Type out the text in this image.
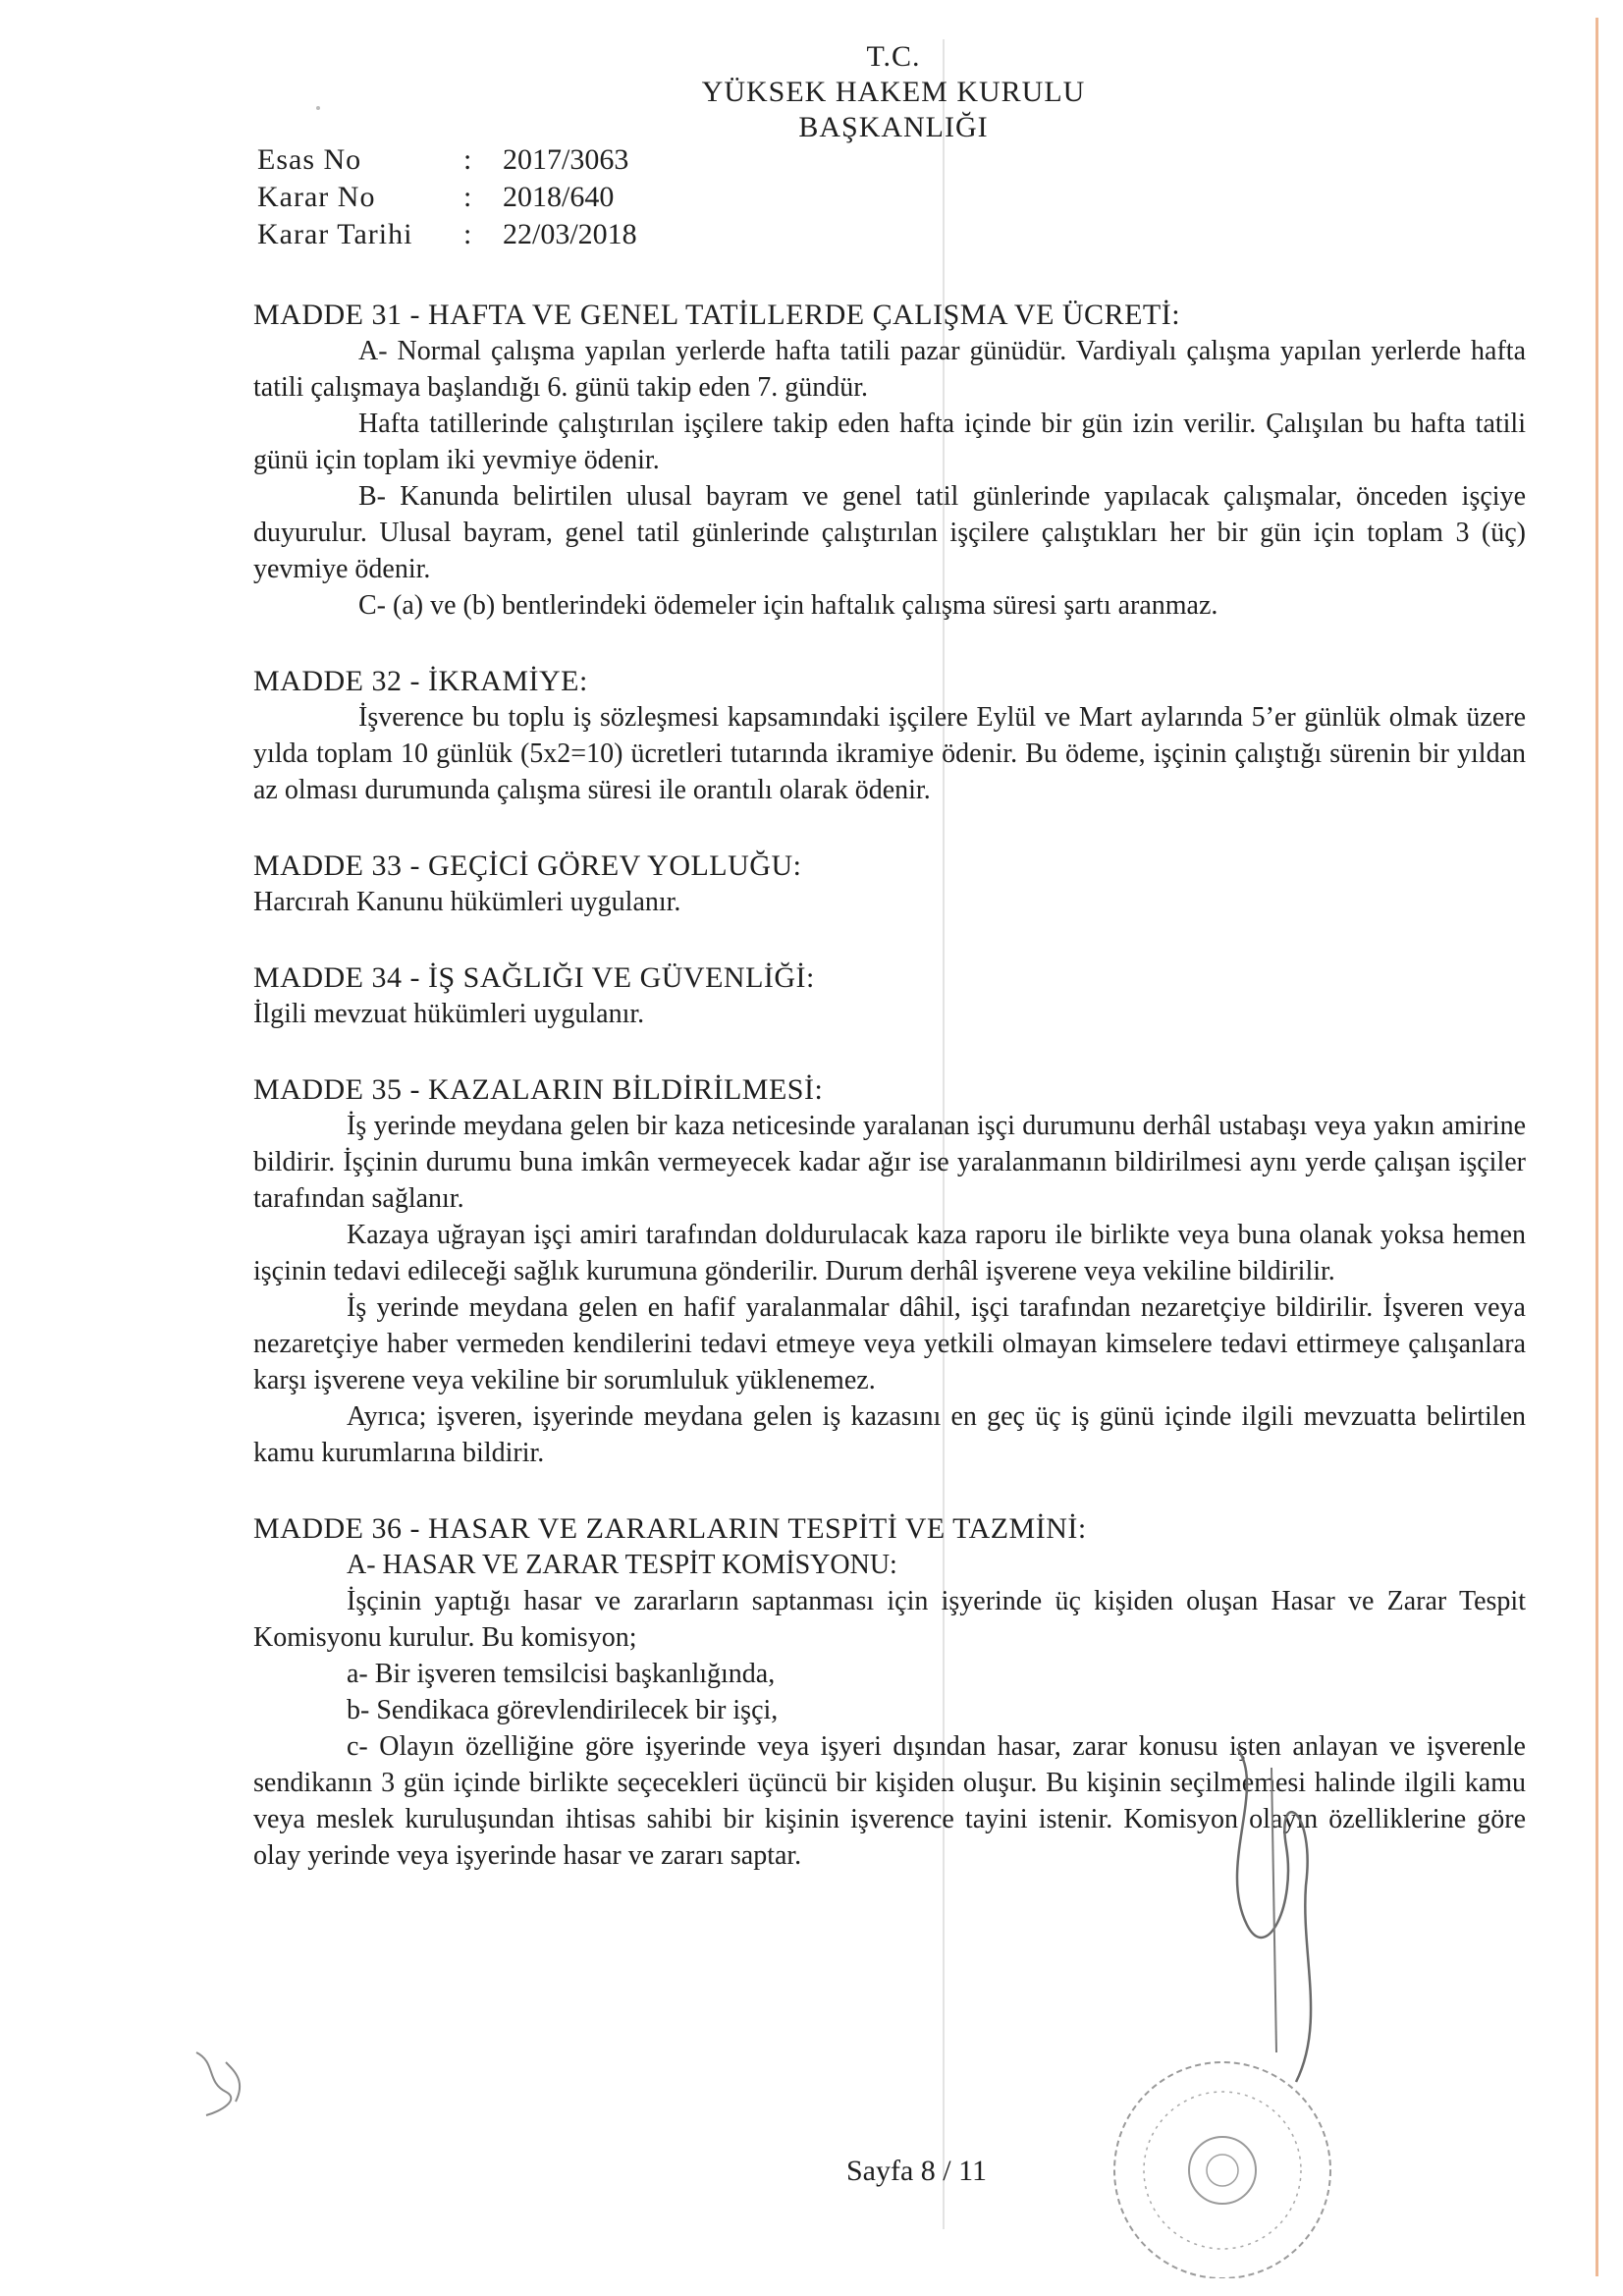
T.C.
YÜKSEK HAKEM KURULU
BAŞKANLIĞI
Esas No	:	2017/3063
Karar No	:	2018/640
Karar Tarihi	:	22/03/2018
MADDE 31 - HAFTA VE GENEL TATİLLERDE ÇALIŞMA VE ÜCRETİ:
A- Normal çalışma yapılan yerlerde hafta tatili pazar günüdür. Vardiyalı çalışma yapılan yerlerde hafta tatili çalışmaya başlandığı 6. günü takip eden 7. gündür.
Hafta tatillerinde çalıştırılan işçilere takip eden hafta içinde bir gün izin verilir. Çalışılan bu hafta tatili günü için toplam iki yevmiye ödenir.
B- Kanunda belirtilen ulusal bayram ve genel tatil günlerinde yapılacak çalışmalar, önceden işçiye duyurulur. Ulusal bayram, genel tatil günlerinde çalıştırılan işçilere çalıştıkları her bir gün için toplam 3 (üç) yevmiye ödenir.
C- (a) ve (b) bentlerindeki ödemeler için haftalık çalışma süresi şartı aranmaz.
MADDE 32 - İKRAMİYE:
İşverence bu toplu iş sözleşmesi kapsamındaki işçilere Eylül ve Mart aylarında 5’er günlük olmak üzere yılda toplam 10 günlük (5x2=10) ücretleri tutarında ikramiye ödenir. Bu ödeme, işçinin çalıştığı sürenin bir yıldan az olması durumunda çalışma süresi ile orantılı olarak ödenir.
MADDE 33 - GEÇİCİ GÖREV YOLLUĞU:
Harcırah Kanunu hükümleri uygulanır.
MADDE 34 - İŞ SAĞLIĞI VE GÜVENLİĞİ:
İlgili mevzuat hükümleri uygulanır.
MADDE 35 - KAZALARIN BİLDİRİLMESİ:
İş yerinde meydana gelen bir kaza neticesinde yaralanan işçi durumunu derhâl ustabaşı veya yakın amirine bildirir. İşçinin durumu buna imkân vermeyecek kadar ağır ise yaralanmanın bildirilmesi aynı yerde çalışan işçiler tarafından sağlanır.
Kazaya uğrayan işçi amiri tarafından doldurulacak kaza raporu ile birlikte veya buna olanak yoksa hemen işçinin tedavi edileceği sağlık kurumuna gönderilir. Durum derhâl işverene veya vekiline bildirilir.
İş yerinde meydana gelen en hafif yaralanmalar dâhil, işçi tarafından nezaretçiye bildirilir. İşveren veya nezaretçiye haber vermeden kendilerini tedavi etmeye veya yetkili olmayan kimselere tedavi ettirmeye çalışanlara karşı işverene veya vekiline bir sorumluluk yüklenemez.
Ayrıca; işveren, işyerinde meydana gelen iş kazasını en geç üç iş günü içinde ilgili mevzuatta belirtilen kamu kurumlarına bildirir.
MADDE 36 - HASAR VE ZARARLARIN TESPİTİ VE TAZMİNİ:
A- HASAR VE ZARAR TESPİT KOMİSYONU:
İşçinin yaptığı hasar ve zararların saptanması için işyerinde üç kişiden oluşan Hasar ve Zarar Tespit Komisyonu kurulur. Bu komisyon;
a- Bir işveren temsilcisi başkanlığında,
b- Sendikaca görevlendirilecek bir işçi,
c- Olayın özelliğine göre işyerinde veya işyeri dışından hasar, zarar konusu işten anlayan ve işverenle sendikanın 3 gün içinde birlikte seçecekleri üçüncü bir kişiden oluşur. Bu kişinin seçilmemesi halinde ilgili kamu veya meslek kuruluşundan ihtisas sahibi bir kişinin işverence tayini istenir. Komisyon olayın özelliklerine göre olay yerinde veya işyerinde hasar ve zararı saptar.
Sayfa 8 / 11
